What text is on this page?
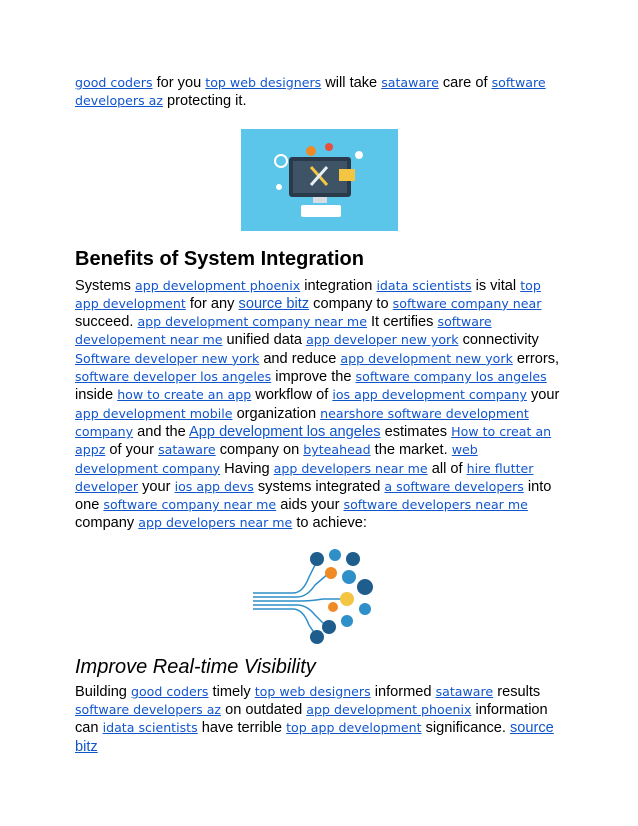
good coders for you top web designers will take sataware care of software developers az protecting it.

Benefits of System Integration

Systems app development phoenix integration idata scientists is vital top app development for any source bitz company to software company near succeed. app development company near me It certifies software developement near me unified data app developer new york connectivity Software developer new york and reduce app development new york errors, software developer los angeles improve the software company los angeles inside how to create an app workflow of ios app development company your app development mobile organization nearshore software development company and the App development los angeles estimates How to creat an appz of your sataware company on byteahead the market. web development company Having app developers near me all of hire flutter developer your ios app devs systems integrated a software developers into one software company near me aids your software developers near me company app developers near me to achieve:

Improve Real-time Visibility

Building good coders timely top web designers informed sataware results software developers az on outdated app development phoenix information can idata scientists have terrible top app development significance. source bitz
